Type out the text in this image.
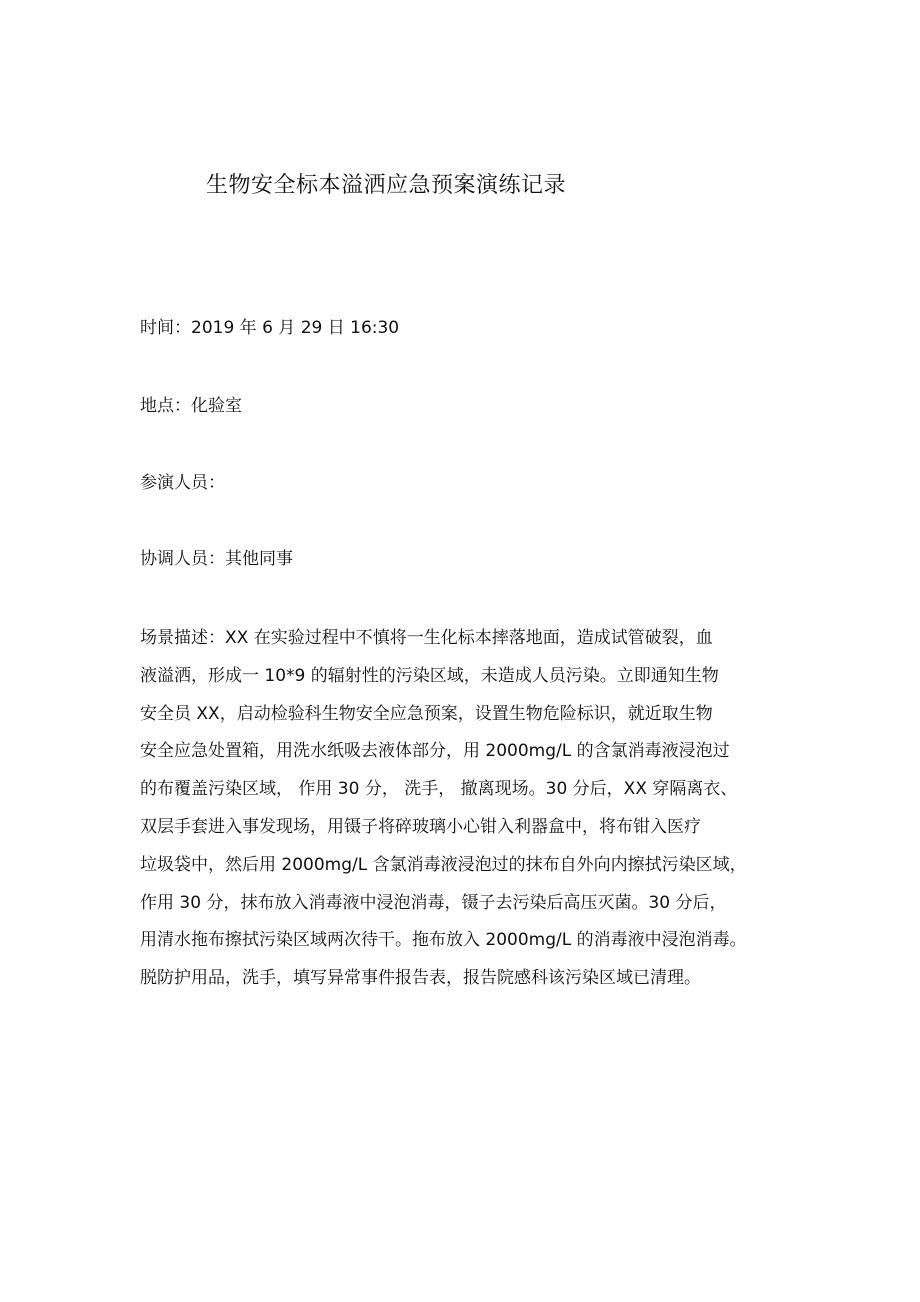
生物安全标本溢洒应急预案演练记录

时间：2019 年 6 月 29 日 16:30

地点：化验室

参演人员：

协调人员：其他同事

场景描述：XX 在实验过程中不慎将一生化标本摔落地面，造成试管破裂，血
液溢洒，形成一 10*9 的辐射性的污染区域，未造成人员污染。立即通知生物
安全员 XX，启动检验科生物安全应急预案，设置生物危险标识，就近取生物
安全应急处置箱，用洗水纸吸去液体部分，用 2000mg/L 的含氯消毒液浸泡过
的布覆盖污染区域， 作用 30 分， 洗手， 撤离现场。30 分后，XX 穿隔离衣、
双层手套进入事发现场，用镊子将碎玻璃小心钳入利器盒中，将布钳入医疗
垃圾袋中，然后用 2000mg/L 含氯消毒液浸泡过的抹布自外向内擦拭污染区域，
作用 30 分，抹布放入消毒液中浸泡消毒，镊子去污染后高压灭菌。30 分后，
用清水拖布擦拭污染区域两次待干。拖布放入 2000mg/L 的消毒液中浸泡消毒。
脱防护用品，洗手，填写异常事件报告表，报告院感科该污染区域已清理。
